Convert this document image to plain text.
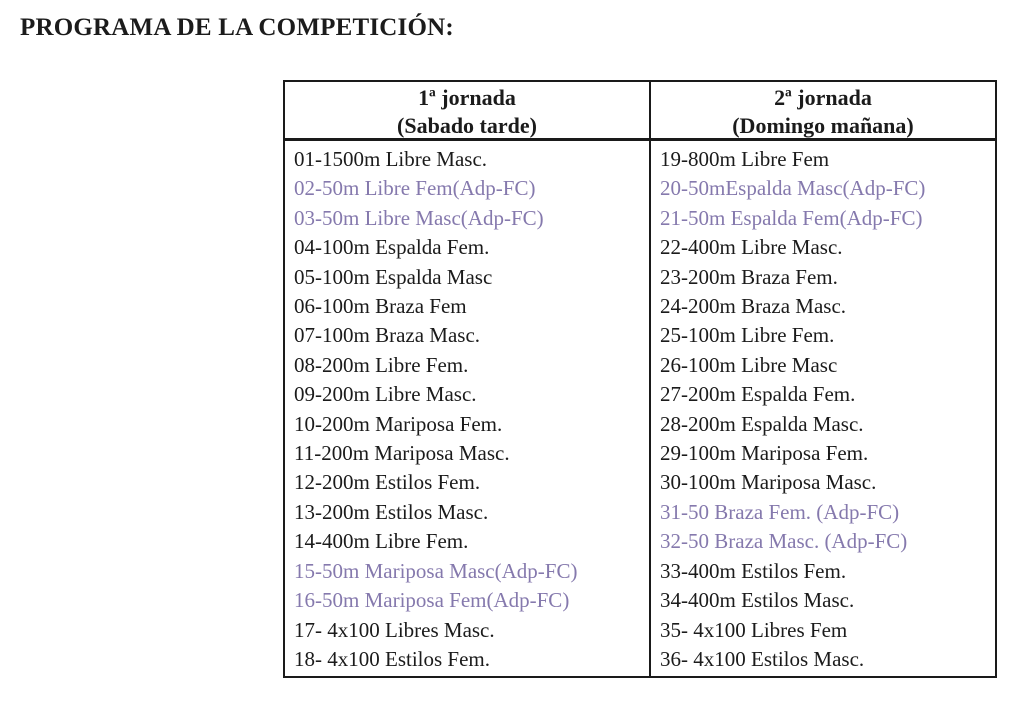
PROGRAMA DE LA COMPETICIÓN:
1ª jornada
(Sabado tarde)
01-1500m Libre Masc.
02-50m Libre Fem(Adp-FC)
03-50m Libre Masc(Adp-FC)
04-100m Espalda Fem.
05-100m Espalda Masc
06-100m Braza Fem
07-100m Braza Masc.
08-200m Libre Fem.
09-200m Libre Masc.
10-200m Mariposa Fem.
11-200m Mariposa Masc.
12-200m Estilos Fem.
13-200m Estilos Masc.
14-400m Libre Fem.
15-50m Mariposa Masc(Adp-FC)
16-50m Mariposa Fem(Adp-FC)
17- 4x100 Libres Masc.
18- 4x100 Estilos Fem.
2ª jornada
(Domingo mañana)
19-800m Libre Fem
20-50mEspalda Masc(Adp-FC)
21-50m Espalda Fem(Adp-FC)
22-400m Libre Masc.
23-200m Braza Fem.
24-200m Braza Masc.
25-100m Libre Fem.
26-100m Libre Masc
27-200m Espalda Fem.
28-200m Espalda Masc.
29-100m Mariposa Fem.
30-100m Mariposa Masc.
31-50 Braza Fem. (Adp-FC)
32-50 Braza Masc. (Adp-FC)
33-400m Estilos Fem.
34-400m Estilos Masc.
35- 4x100 Libres Fem
36- 4x100 Estilos Masc.
